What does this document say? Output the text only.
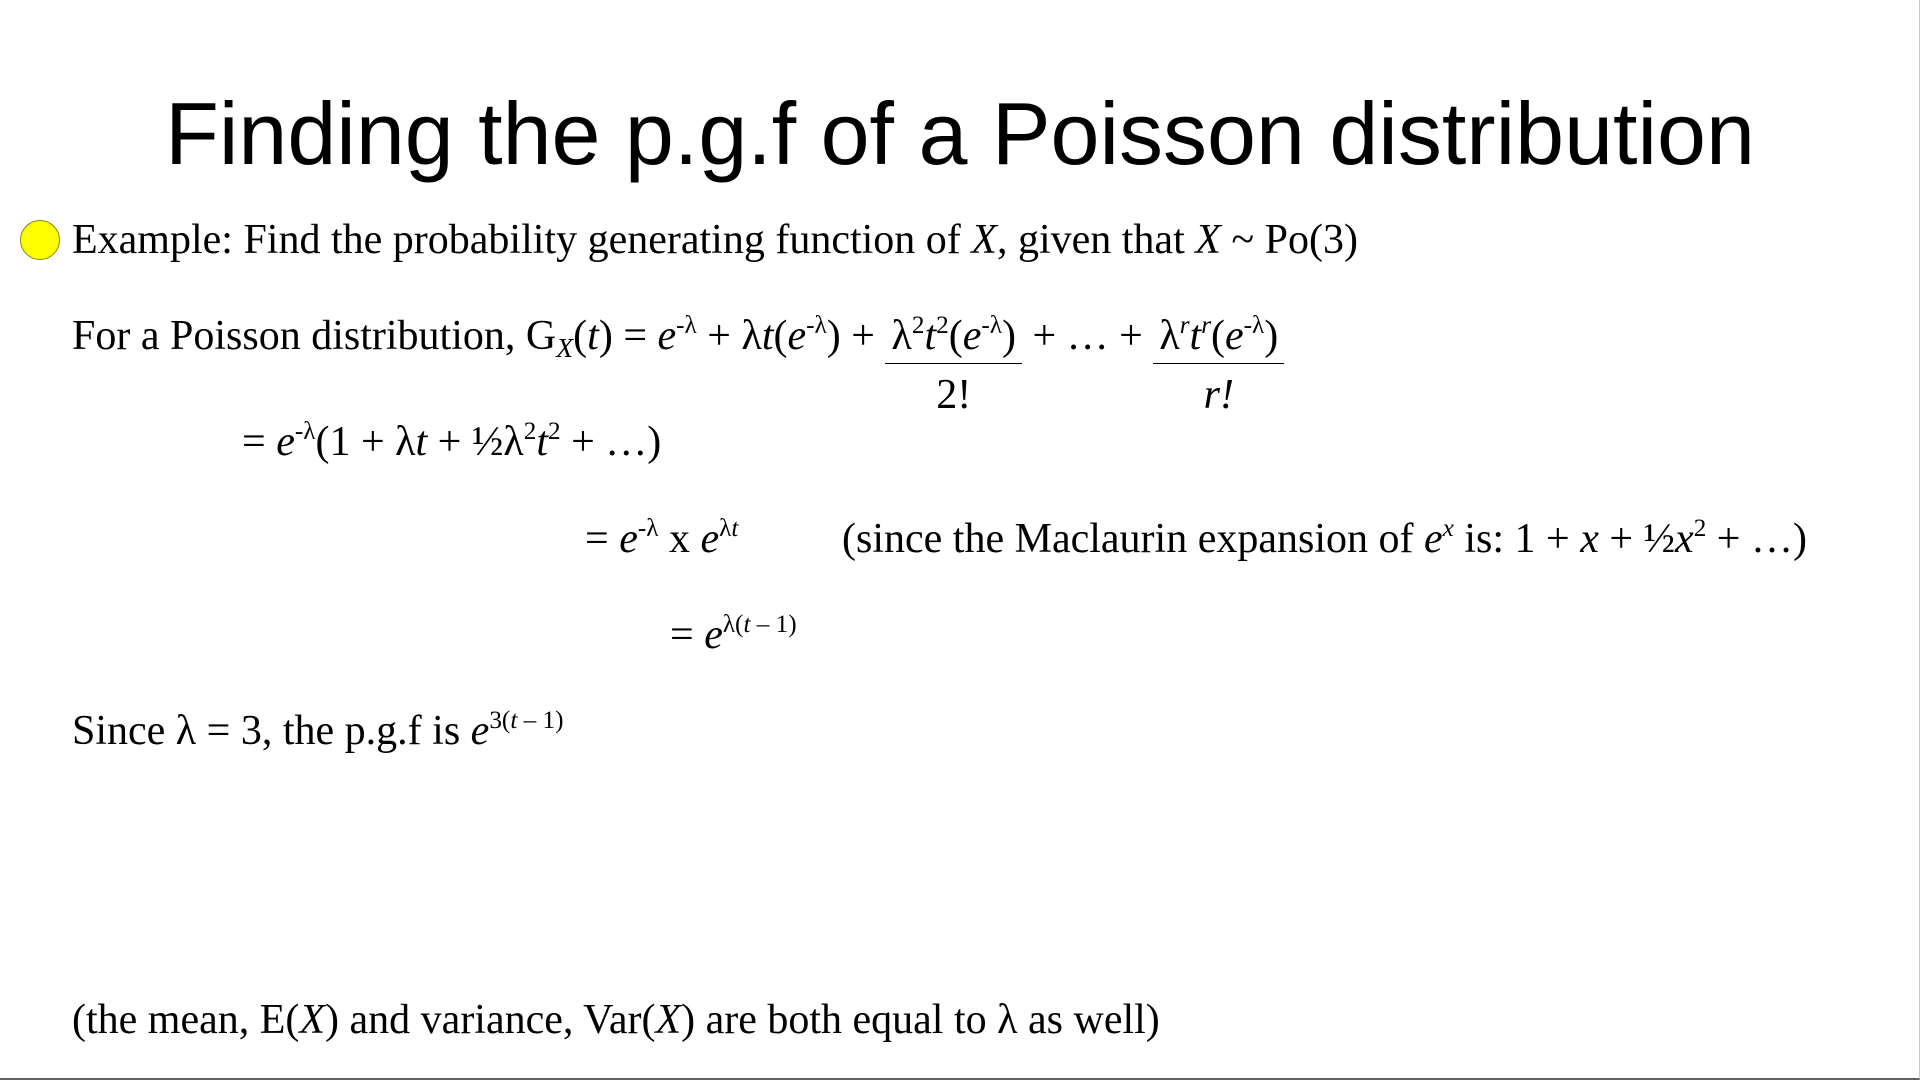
Finding the p.g.f of a Poisson distribution
Example: Find the probability generating function of X, given that X ~ Po(3)
For a Poisson distribution, $G_X(t) = e^{-\lambda} + \lambda t(e^{-\lambda}) + \frac{\lambda^2t^2(e^{-\lambda})}{2!}$ + … + $\frac{\lambda^rt^r(e^{-\lambda})}{r!}$
= $e^{-\lambda}(1 + \lambda t$ + $\frac{1}{2}\lambda^2t^2$ + …)
= $e^{-\lambda}$ x $e^{\lambda t}$ (since the Maclaurin expansion of $e^x$ is: $1 + x + \frac{1}{2}x^2$ + …)
= $e^{\lambda(t - 1)}$
Since λ = 3, the p.g.f is $e^{3(t - 1)}$
(the mean, E(X) and variance, Var(X) are both equal to λ as well)
